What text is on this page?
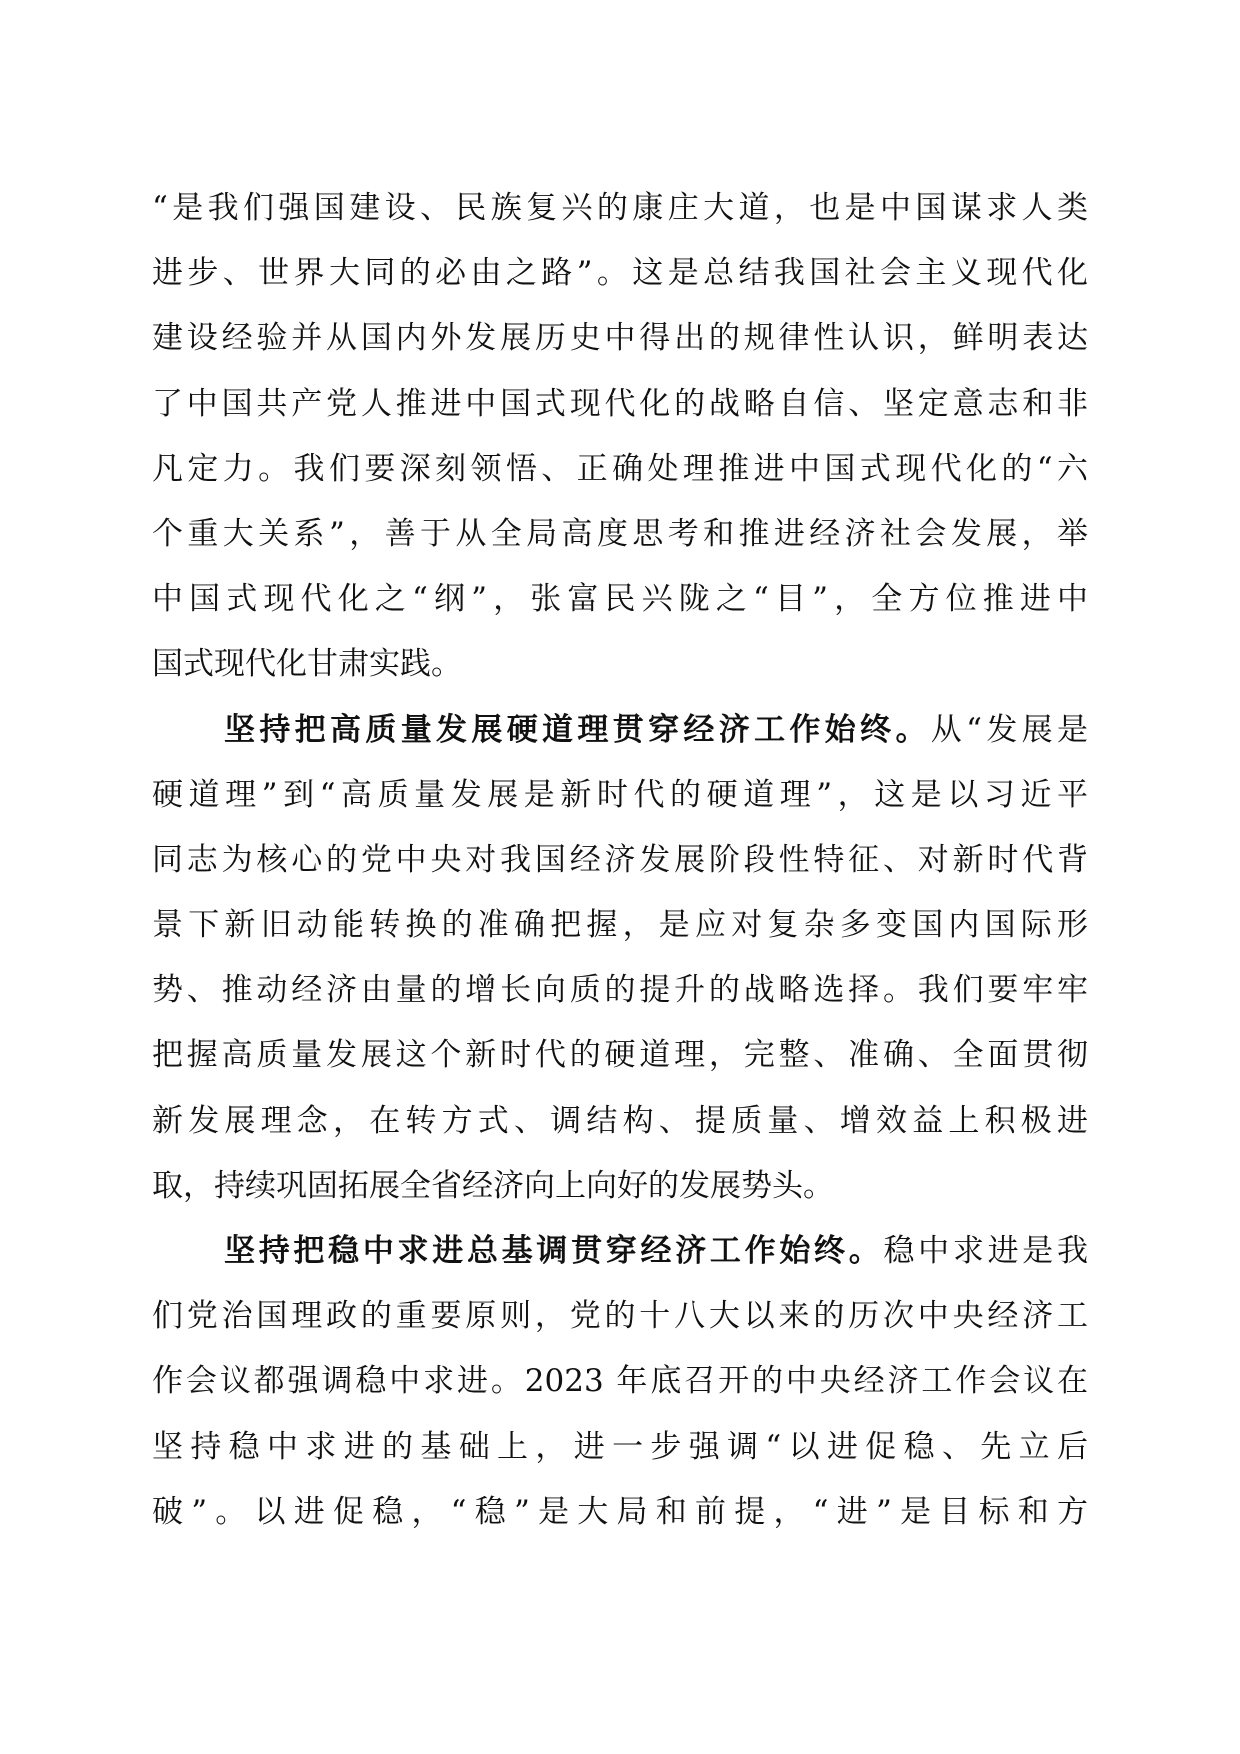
“是我们强国建设、民族复兴的康庄大道，也是中国谋求人类
进步、世界大同的必由之路”。这是总结我国社会主义现代化
建设经验并从国内外发展历史中得出的规律性认识，鲜明表达
了中国共产党人推进中国式现代化的战略自信、坚定意志和非
凡定力。我们要深刻领悟、正确处理推进中国式现代化的“六
个重大关系”，善于从全局高度思考和推进经济社会发展，举
中国式现代化之“纲”，张富民兴陇之“目”，全方位推进中
国式现代化甘肃实践。
坚持把高质量发展硬道理贯穿经济工作始终。从“发展是
硬道理”到“高质量发展是新时代的硬道理”，这是以习近平
同志为核心的党中央对我国经济发展阶段性特征、对新时代背
景下新旧动能转换的准确把握，是应对复杂多变国内国际形
势、推动经济由量的增长向质的提升的战略选择。我们要牢牢
把握高质量发展这个新时代的硬道理，完整、准确、全面贯彻
新发展理念，在转方式、调结构、提质量、增效益上积极进
取，持续巩固拓展全省经济向上向好的发展势头。
坚持把稳中求进总基调贯穿经济工作始终。稳中求进是我
们党治国理政的重要原则，党的十八大以来的历次中央经济工
作会议都强调稳中求进。2023 年底召开的中央经济工作会议在
坚持稳中求进的基础上，进一步强调“以进促稳、先立后
破”。以进促稳，“稳”是大局和前提，“进”是目标和方
